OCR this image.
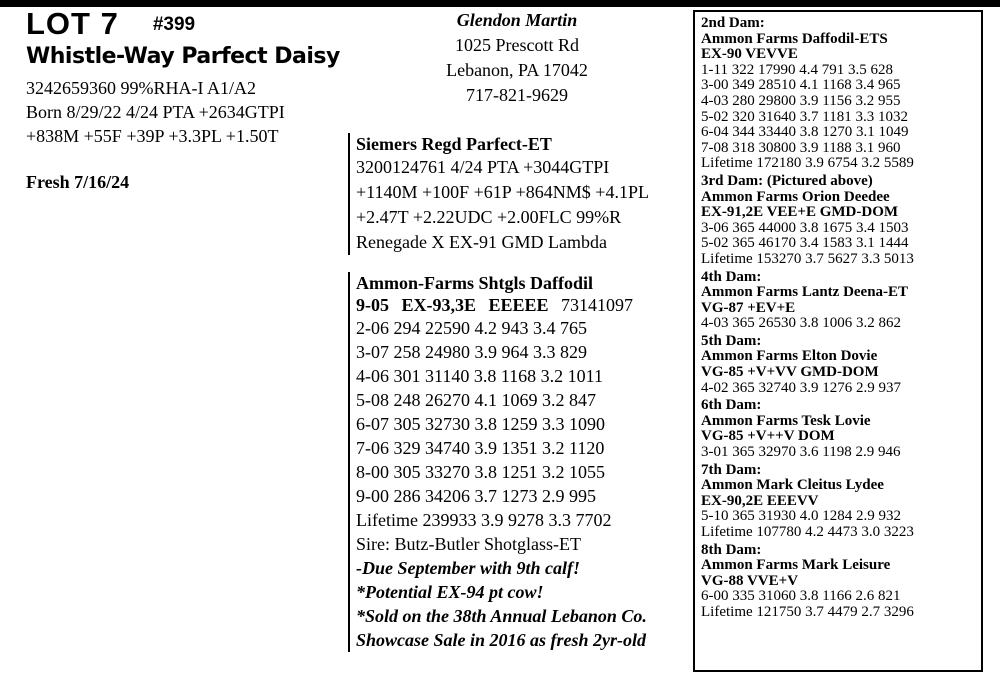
LOT 7 #399
Whistle-Way Parfect Daisy
3242659360 99%RHA-I A1/A2
Born 8/29/22 4/24 PTA +2634GTPI
+838M +55F +39P +3.3PL +1.50T
Fresh 7/16/24
Glendon Martin
1025 Prescott Rd
Lebanon, PA 17042
717-821-9629
Siemers Regd Parfect-ET
3200124761 4/24 PTA +3044GTPI
+1140M +100F +61P +864NM$ +4.1PL
+2.47T +2.22UDC +2.00FLC 99%R
Renegade X EX-91 GMD Lambda
Ammon-Farms Shtgls Daffodil
9-05 EX-93,3E EEEEE 73141097
2-06 294 22590 4.2 943 3.4 765
3-07 258 24980 3.9 964 3.3 829
4-06 301 31140 3.8 1168 3.2 1011
5-08 248 26270 4.1 1069 3.2 847
6-07 305 32730 3.8 1259 3.3 1090
7-06 329 34740 3.9 1351 3.2 1120
8-00 305 33270 3.8 1251 3.2 1055
9-00 286 34206 3.7 1273 2.9 995
Lifetime 239933 3.9 9278 3.3 7702
Sire: Butz-Butler Shotglass-ET
-Due September with 9th calf!
*Potential EX-94 pt cow!
*Sold on the 38th Annual Lebanon Co.
Showcase Sale in 2016 as fresh 2yr-old
2nd Dam:
Ammon Farms Daffodil-ETS
EX-90 VEVVE
1-11 322 17990 4.4 791 3.5 628
3-00 349 28510 4.1 1168 3.4 965
4-03 280 29800 3.9 1156 3.2 955
5-02 320 31640 3.7 1181 3.3 1032
6-04 344 33440 3.8 1270 3.1 1049
7-08 318 30800 3.9 1188 3.1 960
Lifetime 172180 3.9 6754 3.2 5589
3rd Dam: (Pictured above)
Ammon Farms Orion Deedee
EX-91,2E VEE+E GMD-DOM
3-06 365 44000 3.8 1675 3.4 1503
5-02 365 46170 3.4 1583 3.1 1444
Lifetime 153270 3.7 5627 3.3 5013
4th Dam:
Ammon Farms Lantz Deena-ET
VG-87 +EV+E
4-03 365 26530 3.8 1006 3.2 862
5th Dam:
Ammon Farms Elton Dovie
VG-85 +V+VV GMD-DOM
4-02 365 32740 3.9 1276 2.9 937
6th Dam:
Ammon Farms Tesk Lovie
VG-85 +V++V DOM
3-01 365 32970 3.6 1198 2.9 946
7th Dam:
Ammon Mark Cleitus Lydee
EX-90,2E EEEVV
5-10 365 31930 4.0 1284 2.9 932
Lifetime 107780 4.2 4473 3.0 3223
8th Dam:
Ammon Farms Mark Leisure
VG-88 VVE+V
6-00 335 31060 3.8 1166 2.6 821
Lifetime 121750 3.7 4479 2.7 3296
